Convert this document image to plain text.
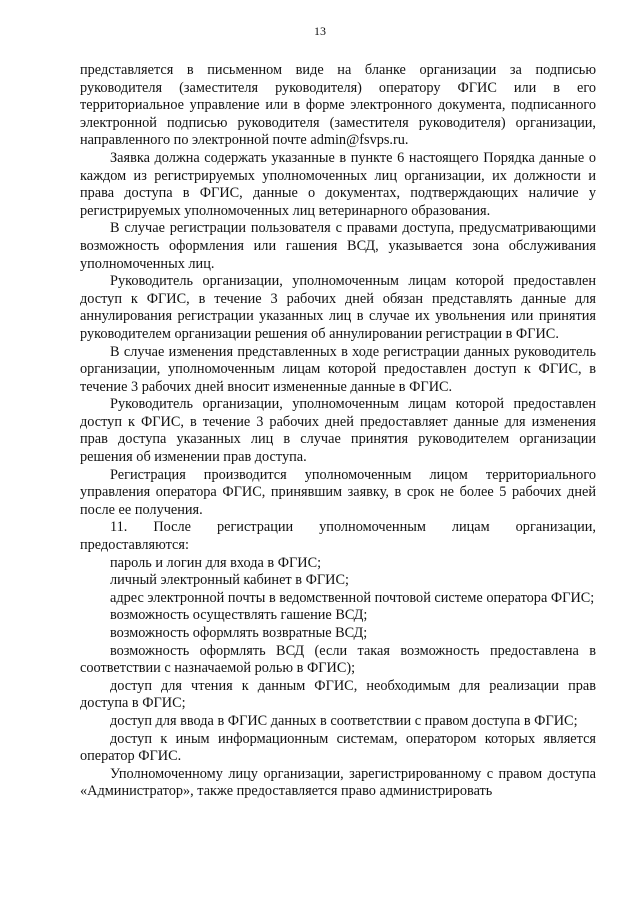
13

представляется в письменном виде на бланке организации за подписью руководителя (заместителя руководителя) оператору ФГИС или в его территориальное управление или в форме электронного документа, подписанного электронной подписью руководителя (заместителя руководителя) организации, направленного по электронной почте admin@fsvps.ru.

Заявка должна содержать указанные в пункте 6 настоящего Порядка данные о каждом из регистрируемых уполномоченных лиц организации, их должности и права доступа в ФГИС, данные о документах, подтверждающих наличие у регистрируемых уполномоченных лиц ветеринарного образования.

В случае регистрации пользователя с правами доступа, предусматривающими возможность оформления или гашения ВСД, указывается зона обслуживания уполномоченных лиц.

Руководитель организации, уполномоченным лицам которой предоставлен доступ к ФГИС, в течение 3 рабочих дней обязан представлять данные для аннулирования регистрации указанных лиц в случае их увольнения или принятия руководителем организации решения об аннулировании регистрации в ФГИС.

В случае изменения представленных в ходе регистрации данных руководитель организации, уполномоченным лицам которой предоставлен доступ к ФГИС, в течение 3 рабочих дней вносит измененные данные в ФГИС.

Руководитель организации, уполномоченным лицам которой предоставлен доступ к ФГИС, в течение 3 рабочих дней предоставляет данные для изменения прав доступа указанных лиц в случае принятия руководителем организации решения об изменении прав доступа.

Регистрация производится уполномоченным лицом территориального управления оператора ФГИС, принявшим заявку, в срок не более 5 рабочих дней после ее получения.

11. После регистрации уполномоченным лицам организации, предоставляются:

пароль и логин для входа в ФГИС;

личный электронный кабинет в ФГИС;

адрес электронной почты в ведомственной почтовой системе оператора ФГИС;

возможность осуществлять гашение ВСД;

возможность оформлять возвратные ВСД;

возможность оформлять ВСД (если такая возможность предоставлена в соответствии с назначаемой ролью в ФГИС);

доступ для чтения к данным ФГИС, необходимым для реализации прав доступа в ФГИС;

доступ для ввода в ФГИС данных в соответствии с правом доступа в ФГИС;

доступ к иным информационным системам, оператором которых является оператор ФГИС.

Уполномоченному лицу организации, зарегистрированному с правом доступа «Администратор», также предоставляется право администрировать
